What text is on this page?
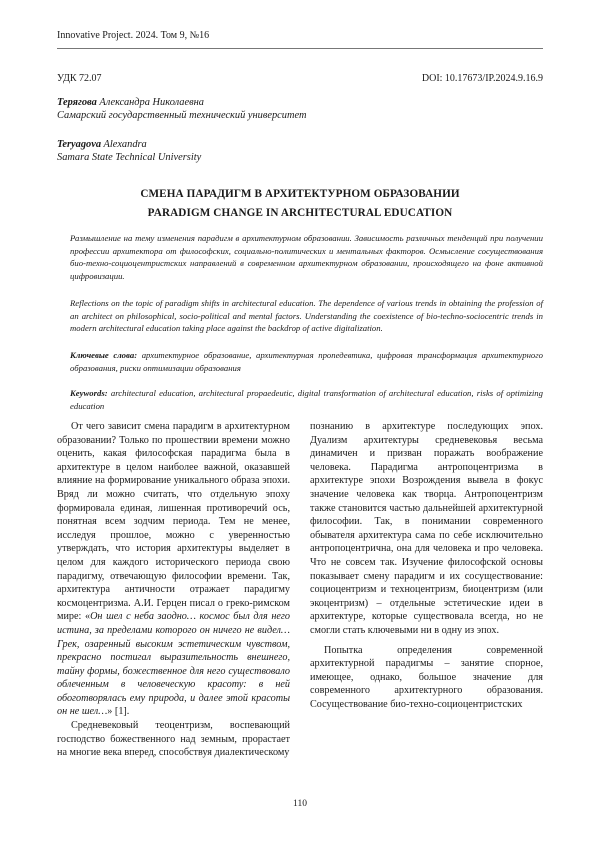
Innovative Project. 2024. Том 9, №16
УДК 72.07	DOI: 10.17673/IP.2024.9.16.9
Терягова Александра Николаевна
Самарский государственный технический университет
Teryagova Alexandra
Samara State Technical University
СМЕНА ПАРАДИГМ В АРХИТЕКТУРНОМ ОБРАЗОВАНИИ
PARADIGM CHANGE IN ARCHITECTURAL EDUCATION
Размышление на тему изменения парадигм в архитектурном образовании. Зависимость различных тенденций при получении профессии архитектора от философских, социально-политических и ментальных факторов. Осмысление сосуществования био-техно-социоцентристских направлений в современном архитектурном образовании, происходящего на фоне активной цифровизации.
Reflections on the topic of paradigm shifts in architectural education. The dependence of various trends in obtaining the profession of an architect on philosophical, socio-political and mental factors. Understanding the coexistence of bio-techno-sociocentric trends in modern architectural education taking place against the backdrop of active digitalization.
Ключевые слова: архитектурное образование, архитектурная пропедевтика, цифровая трансформация архитектурного образования, риски оптимизации образования
Keywords: architectural education, architectural propaedeutic, digital transformation of architectural education, risks of optimizing education

От чего зависит смена парадигм в архитектурном образовании? Только по прошествии времени можно оценить, какая философская парадигма была в архитектуре в целом наиболее важной, оказавшей влияние на формирование уникального образа эпохи. Вряд ли можно считать, что отдельную эпоху формировала единая, лишенная противоречий ось, понятная всем зодчим периода. Тем не менее, исследуя прошлое, можно с уверенностью утверждать, что история архитектуры выделяет в целом для каждого исторического периода свою парадигму, отвечающую философии времени. Так, архитектура античности отражает парадигму космоцентризма. А.И. Герцен писал о греко-римском мире: «Он шел с неба заодно… космос был для него истина, за пределами которого он ничего не видел… Грек, озаренный высоким эстетическим чувством, прекрасно постигал выразительность внешнего, тайну формы, божественное для него существовало облеченным в человеческую красоту: в ней обоготворялась ему природа, и далее этой красоты он не шел…» [1].

Средневековый теоцентризм, воспевающий господство божественного над земным, прорастает на многие века вперед, способствуя диалектическому

познанию в архитектуре последующих эпох. Дуализм архитектуры средневековья весьма динамичен и призван поражать воображение человека. Парадигма антропоцентризма в архитектуре эпохи Возрождения вывела в фокус значение человека как творца. Антропоцентризм также становится частью дальнейшей архитектурной философии. Так, в понимании современного обывателя архитектура сама по себе исключительно антропоцентрична, она для человека и про человека. Что не совсем так. Изучение философской основы показывает смену парадигм и их сосуществование: социоцентризм и техноцентризм, биоцентризм (или экоцентризм) – отдельные эстетические идеи в архитектуре, которые существовала всегда, но не смогли стать ключевыми ни в одну из эпох.

Попытка определения современной архитектурной парадигмы – занятие спорное, имеющее, однако, большое значение для современного архитектурного образования. Сосуществование био-техно-социоцентристских

110
